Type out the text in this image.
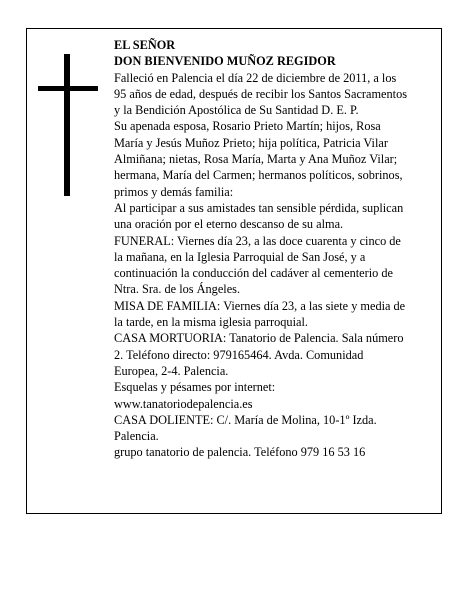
EL SEÑOR

DON BIENVENIDO MUÑOZ REGIDOR

Falleció en Palencia el día 22 de diciembre de 2011, a los 95 años de edad, después de recibir los Santos Sacramentos y la Bendición Apostólica de Su Santidad D. E. P.

Su apenada esposa, Rosario Prieto Martín; hijos, Rosa María y Jesús Muñoz Prieto; hija política, Patricia Vilar Almiñana; nietas, Rosa María, Marta y Ana Muñoz Vilar; hermana, María del Carmen; hermanos políticos, sobrinos, primos y demás familia:

Al participar a sus amistades tan sensible pérdida, suplican una oración por el eterno descanso de su alma.

FUNERAL: Viernes día 23, a las doce cuarenta y cinco de la mañana, en la Iglesia Parroquial de San José, y a continuación la conducción del cadáver al cementerio de Ntra. Sra. de los Ángeles.

MISA DE FAMILIA: Viernes día 23, a las siete y media de la tarde, en la misma iglesia parroquial.

CASA MORTUORIA: Tanatorio de Palencia. Sala número 2. Teléfono directo: 979165464. Avda. Comunidad Europea, 2-4. Palencia.

Esquelas y pésames por internet: www.tanatoriodepalencia.es

CASA DOLIENTE: C/. María de Molina, 10-1º Izda. Palencia.

grupo tanatorio de palencia. Teléfono 979 16 53 16
